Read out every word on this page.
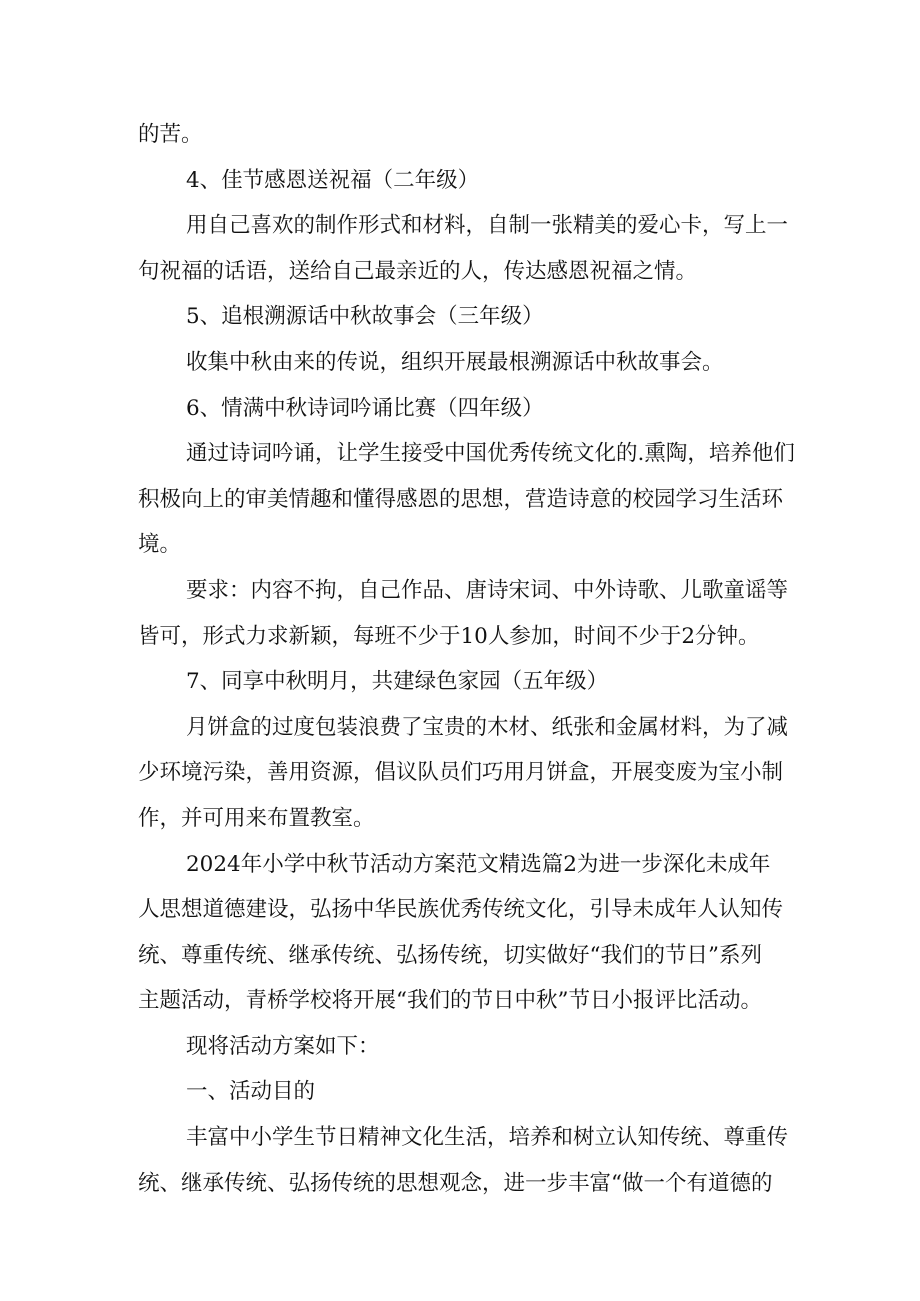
的苦。
4、佳节感恩送祝福（二年级）
用自己喜欢的制作形式和材料，自制一张精美的爱心卡，写上一
句祝福的话语，送给自己最亲近的人，传达感恩祝福之情。
5、追根溯源话中秋故事会（三年级）
收集中秋由来的传说，组织开展最根溯源话中秋故事会。
6、情满中秋诗词吟诵比赛（四年级）
通过诗词吟诵，让学生接受中国优秀传统文化的.熏陶，培养他们
积极向上的审美情趣和懂得感恩的思想，营造诗意的校园学习生活环
境。
要求：内容不拘，自己作品、唐诗宋词、中外诗歌、儿歌童谣等
皆可，形式力求新颖，每班不少于10人参加，时间不少于2分钟。
7、同享中秋明月，共建绿色家园（五年级）
月饼盒的过度包装浪费了宝贵的木材、纸张和金属材料，为了减
少环境污染，善用资源，倡议队员们巧用月饼盒，开展变废为宝小制
作，并可用来布置教室。
2024年小学中秋节活动方案范文精选篇2为进一步深化未成年
人思想道德建设，弘扬中华民族优秀传统文化，引导未成年人认知传
统、尊重传统、继承传统、弘扬传统，切实做好“我们的节日”系列
主题活动，青桥学校将开展“我们的节日中秋”节日小报评比活动。
现将活动方案如下：
一、活动目的
丰富中小学生节日精神文化生活，培养和树立认知传统、尊重传
统、继承传统、弘扬传统的思想观念，进一步丰富“做一个有道德的
